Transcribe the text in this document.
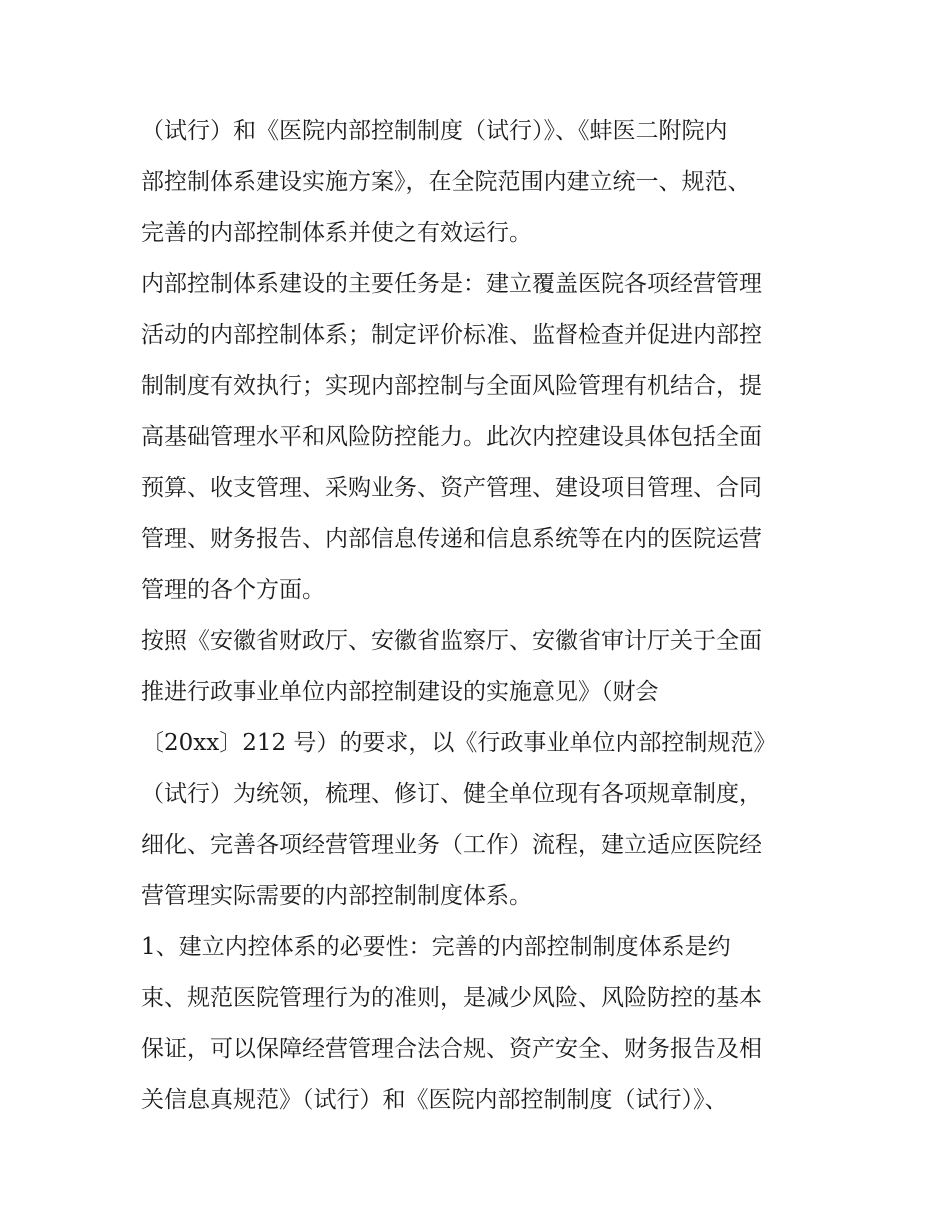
（试行）和《医院内部控制制度（试行）》、《蚌医二附院内
部控制体系建设实施方案》，在全院范围内建立统一、规范、
完善的内部控制体系并使之有效运行。
内部控制体系建设的主要任务是：建立覆盖医院各项经营管理
活动的内部控制体系；制定评价标准、监督检查并促进内部控
制制度有效执行；实现内部控制与全面风险管理有机结合，提
高基础管理水平和风险防控能力。此次内控建设具体包括全面
预算、收支管理、采购业务、资产管理、建设项目管理、合同
管理、财务报告、内部信息传递和信息系统等在内的医院运营
管理的各个方面。
按照《安徽省财政厅、安徽省监察厅、安徽省审计厅关于全面
推进行政事业单位内部控制建设的实施意见》（财会
〔20xx〕212 号）的要求，以《行政事业单位内部控制规范》
（试行）为统领，梳理、修订、健全单位现有各项规章制度，
细化、完善各项经营管理业务（工作）流程，建立适应医院经
营管理实际需要的内部控制制度体系。
1、建立内控体系的必要性：完善的内部控制制度体系是约
束、规范医院管理行为的准则，是减少风险、风险防控的基本
保证，可以保障经营管理合法合规、资产安全、财务报告及相
关信息真规范》（试行）和《医院内部控制制度（试行）》、
